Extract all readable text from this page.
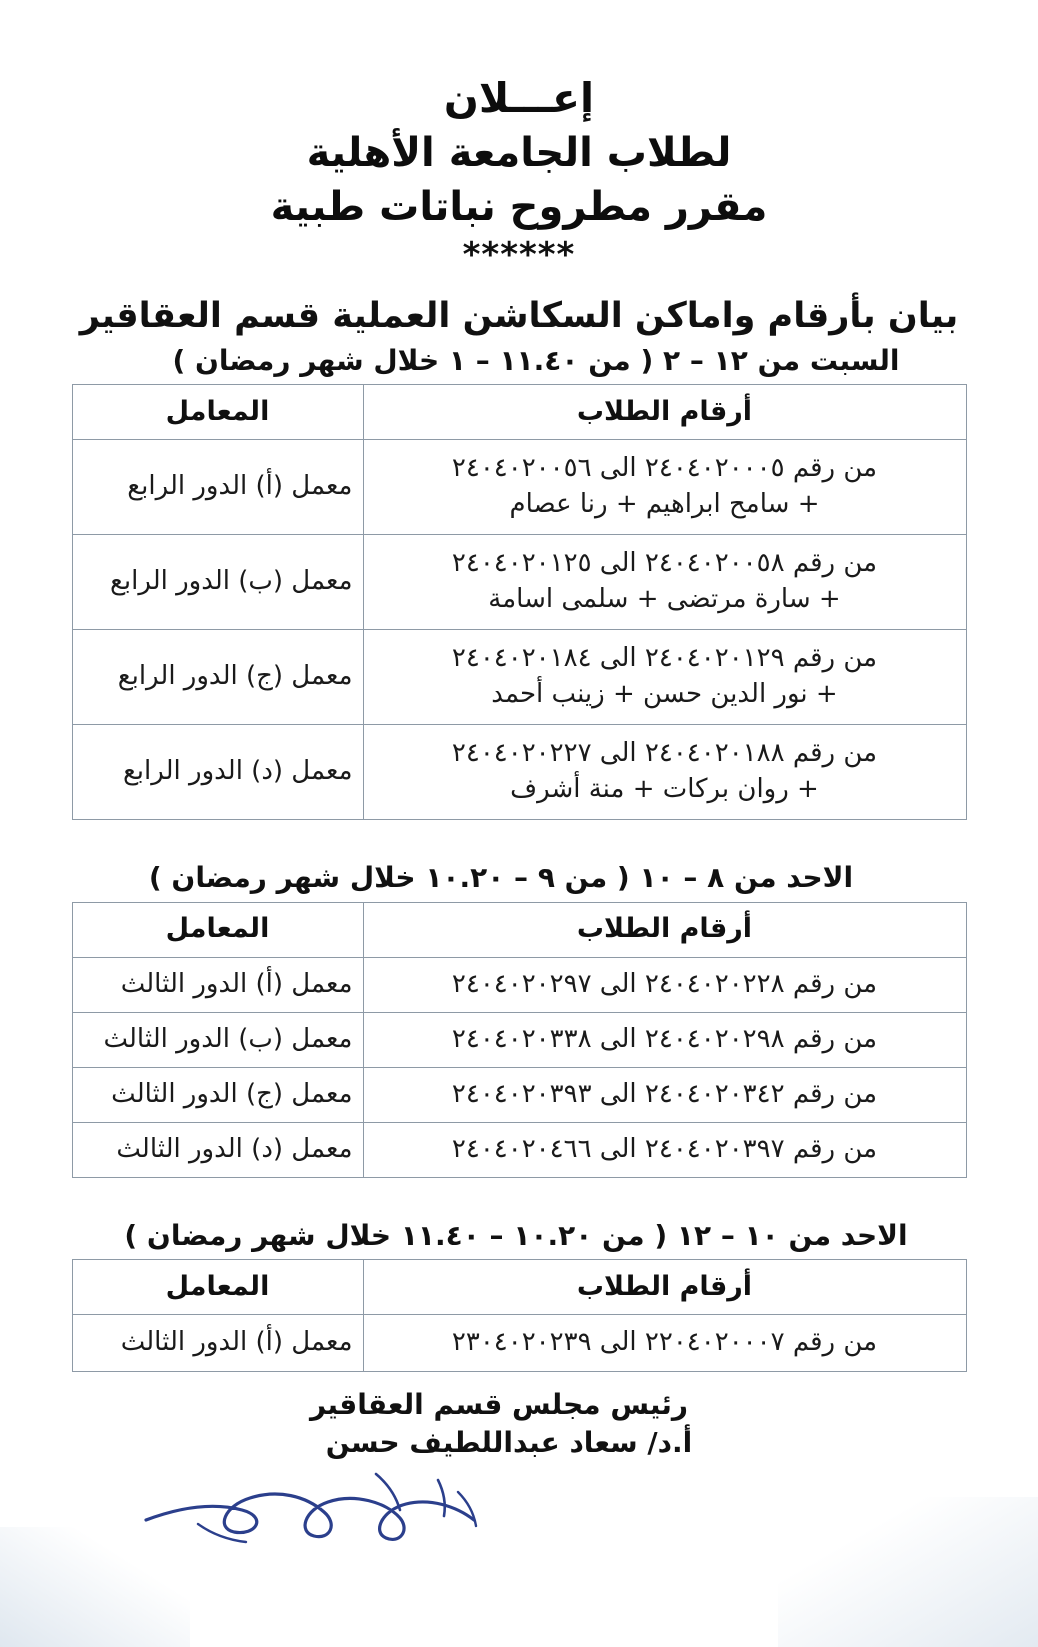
إعـــلان
لطلاب الجامعة الأهلية
مقرر مطروح نباتات طبية
******
بيان بأرقام واماكن السكاشن العملية قسم العقاقير
السبت من ١٢ – ٢ ( من ١١.٤٠ – ١ خلال شهر رمضان )
أرقام الطلاب	المعامل

من رقم ٢٤٠٤٠٢٠٠٠٥ الى ٢٤٠٤٠٢٠٠٥٦
+ سامح ابراهيم + رنا عصام	معمل (أ) الدور الرابع

من رقم ٢٤٠٤٠٢٠٠٥٨ الى ٢٤٠٤٠٢٠١٢٥
+ سارة مرتضى + سلمى اسامة	معمل (ب) الدور الرابع

من رقم ٢٤٠٤٠٢٠١٢٩ الى ٢٤٠٤٠٢٠١٨٤
+ نور الدين حسن + زينب أحمد	معمل (ج) الدور الرابع

من رقم ٢٤٠٤٠٢٠١٨٨ الى ٢٤٠٤٠٢٠٢٢٧
+ روان بركات + منة أشرف	معمل (د) الدور الرابع
الاحد من ٨ – ١٠ ( من ٩ – ١٠.٢٠ خلال شهر رمضان )
أرقام الطلاب	المعامل
من رقم ٢٤٠٤٠٢٠٢٢٨ الى ٢٤٠٤٠٢٠٢٩٧	معمل (أ) الدور الثالث
من رقم ٢٤٠٤٠٢٠٢٩٨ الى ٢٤٠٤٠٢٠٣٣٨	معمل (ب) الدور الثالث
من رقم ٢٤٠٤٠٢٠٣٤٢ الى ٢٤٠٤٠٢٠٣٩٣	معمل (ج) الدور الثالث
من رقم ٢٤٠٤٠٢٠٣٩٧ الى ٢٤٠٤٠٢٠٤٦٦	معمل (د) الدور الثالث
الاحد من ١٠ – ١٢ ( من ١٠.٢٠ – ١١.٤٠ خلال شهر رمضان )
أرقام الطلاب	المعامل
من رقم ٢٢٠٤٠٢٠٠٠٧ الى ٢٣٠٤٠٢٠٢٣٩	معمل (أ) الدور الثالث
رئيس مجلس قسم العقاقير
أ.د/ سعاد عبداللطيف حسن
